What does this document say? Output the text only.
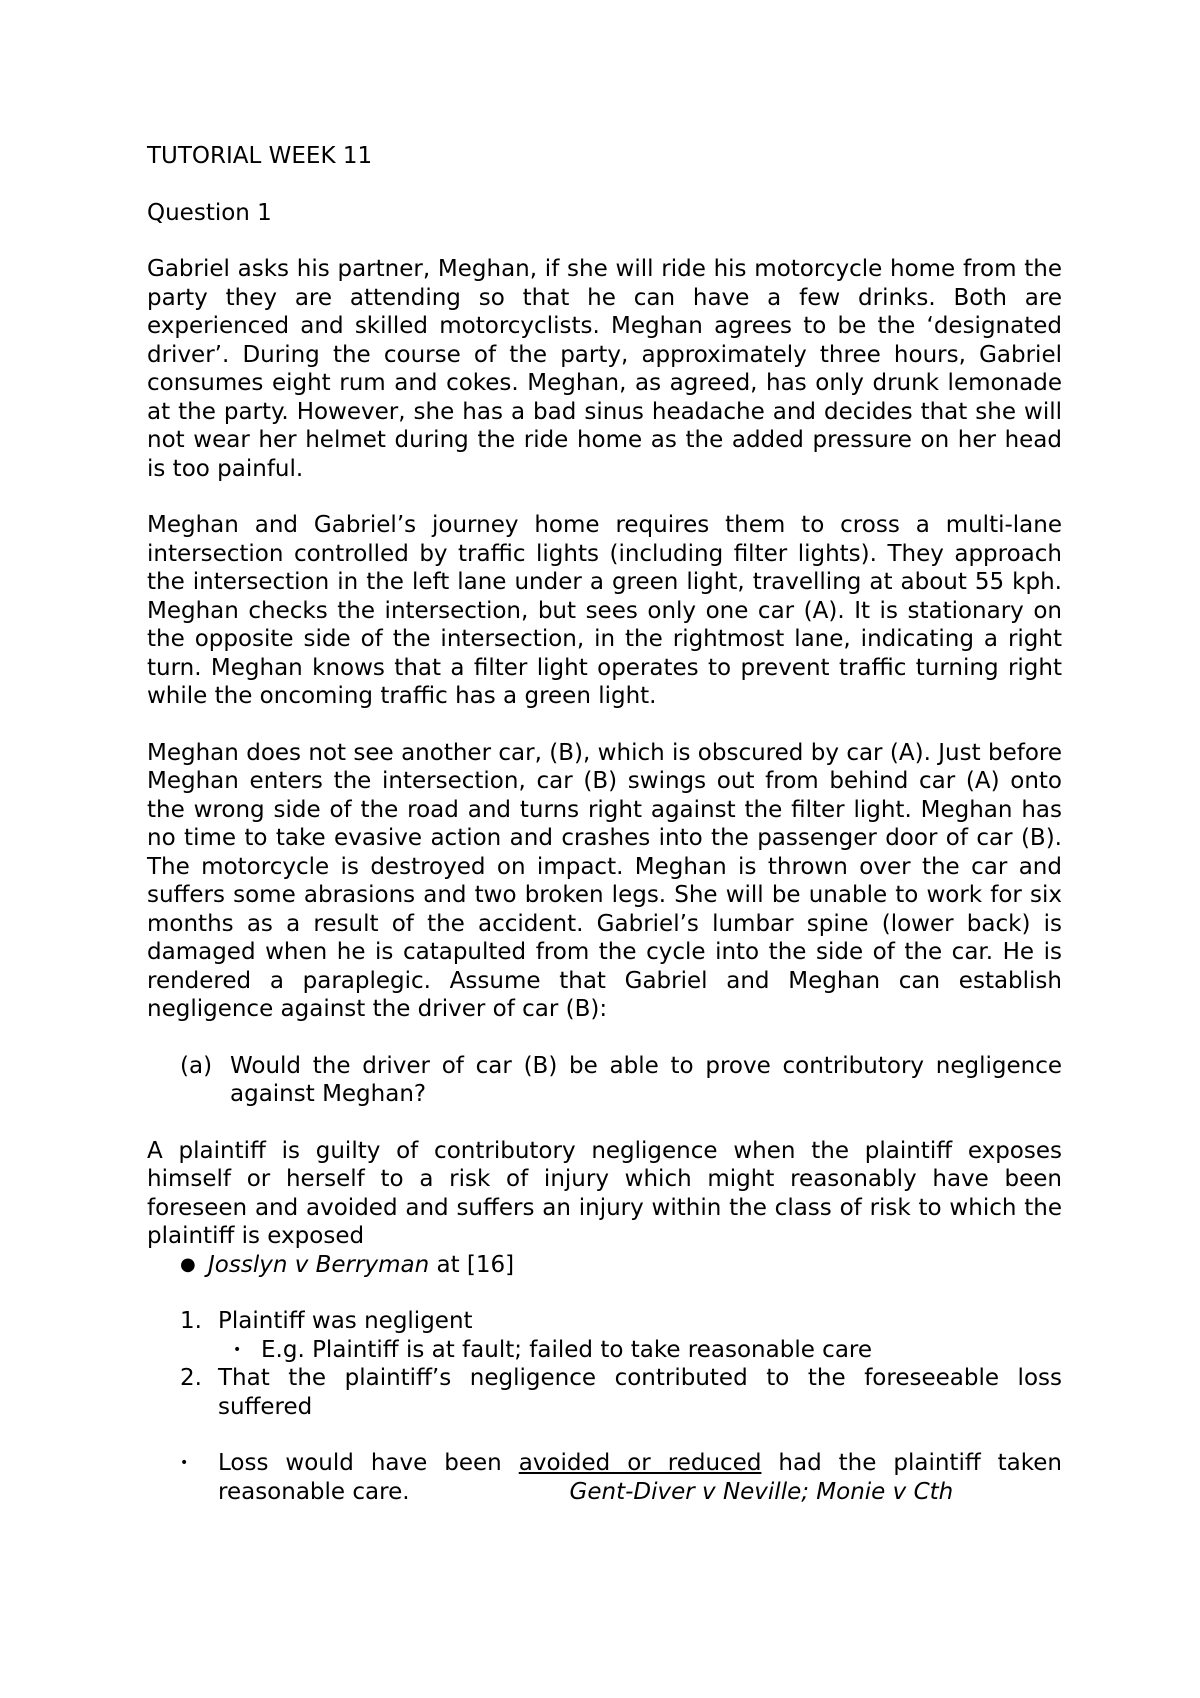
TUTORIAL WEEK 11

Question 1

Gabriel asks his partner, Meghan, if she will ride his motorcycle home from the party they are attending so that he can have a few drinks. Both are experienced and skilled motorcyclists. Meghan agrees to be the ‘designated driver’. During the course of the party, approximately three hours, Gabriel consumes eight rum and cokes. Meghan, as agreed, has only drunk lemonade at the party. However, she has a bad sinus headache and decides that she will not wear her helmet during the ride home as the added pressure on her head is too painful.

Meghan and Gabriel’s journey home requires them to cross a multi-lane intersection controlled by traffic lights (including filter lights). They approach the intersection in the left lane under a green light, travelling at about 55 kph. Meghan checks the intersection, but sees only one car (A). It is stationary on the opposite side of the intersection, in the rightmost lane, indicating a right turn. Meghan knows that a filter light operates to prevent traffic turning right while the oncoming traffic has a green light.

Meghan does not see another car, (B), which is obscured by car (A). Just before Meghan enters the intersection, car (B) swings out from behind car (A) onto the wrong side of the road and turns right against the filter light. Meghan has no time to take evasive action and crashes into the passenger door of car (B). The motorcycle is destroyed on impact. Meghan is thrown over the car and suffers some abrasions and two broken legs. She will be unable to work for six months as a result of the accident. Gabriel’s lumbar spine (lower back) is damaged when he is catapulted from the cycle into the side of the car. He is rendered a paraplegic. Assume that Gabriel and Meghan can establish negligence against the driver of car (B):

(a) Would the driver of car (B) be able to prove contributory negligence against Meghan?

A plaintiff is guilty of contributory negligence when the plaintiff exposes himself or herself to a risk of injury which might reasonably have been foreseen and avoided and suffers an injury within the class of risk to which the plaintiff is exposed

● Josslyn v Berryman at [16]
1. Plaintiff was negligent
• E.g. Plaintiff is at fault; failed to take reasonable care
2. That the plaintiff’s negligence contributed to the foreseeable loss suffered
•	Loss would have been avoided or reduced had the plaintiff taken reasonable care.	Gent-Diver v Neville; Monie v Cth
